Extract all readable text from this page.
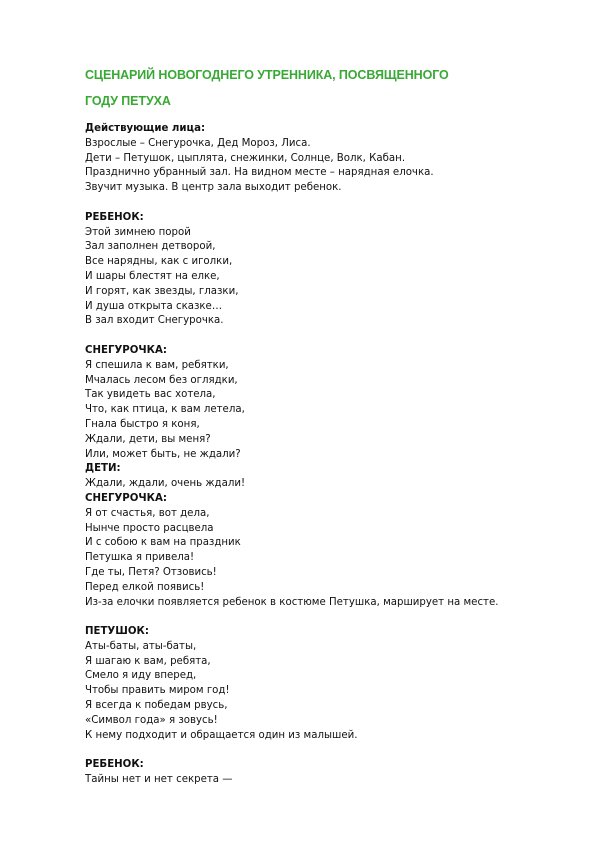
СЦЕНАРИЙ НОВОГОДНЕГО УТРЕННИКА, ПОСВЯЩЕННОГО
ГОДУ ПЕТУХА
Действующие лица:
Взрослые – Снегурочка, Дед Мороз, Лиса.
Дети – Петушок, цыплята, снежинки, Солнце, Волк, Кабан.
Празднично убранный зал. На видном месте – нарядная елочка.
Звучит музыка. В центр зала выходит ребенок.
РЕБЕНОК:
Этой зимнею порой
Зал заполнен детворой,
Все нарядны, как с иголки,
И шары блестят на елке,
И горят, как звезды, глазки,
И душа открыта сказке…
В зал входит Снегурочка.
СНЕГУРОЧКА:
Я спешила к вам, ребятки,
Мчалась лесом без оглядки,
Так увидеть вас хотела,
Что, как птица, к вам летела,
Гнала быстро я коня,
Ждали, дети, вы меня?
Или, может быть, не ждали?
ДЕТИ:
Ждали, ждали, очень ждали!
СНЕГУРОЧКА:
Я от счастья, вот дела,
Нынче просто расцвела
И с собою к вам на праздник
Петушка я привела!
Где ты, Петя? Отзовись!
Перед елкой появись!
Из-за елочки появляется ребенок в костюме Петушка, марширует на месте.
ПЕТУШОК:
Аты-баты, аты-баты,
Я шагаю к вам, ребята,
Смело я иду вперед,
Чтобы править миром год!
Я всегда к победам рвусь,
«Символ года» я зовусь!
К нему подходит и обращается один из малышей.
РЕБЕНОК:
Тайны нет и нет секрета —
